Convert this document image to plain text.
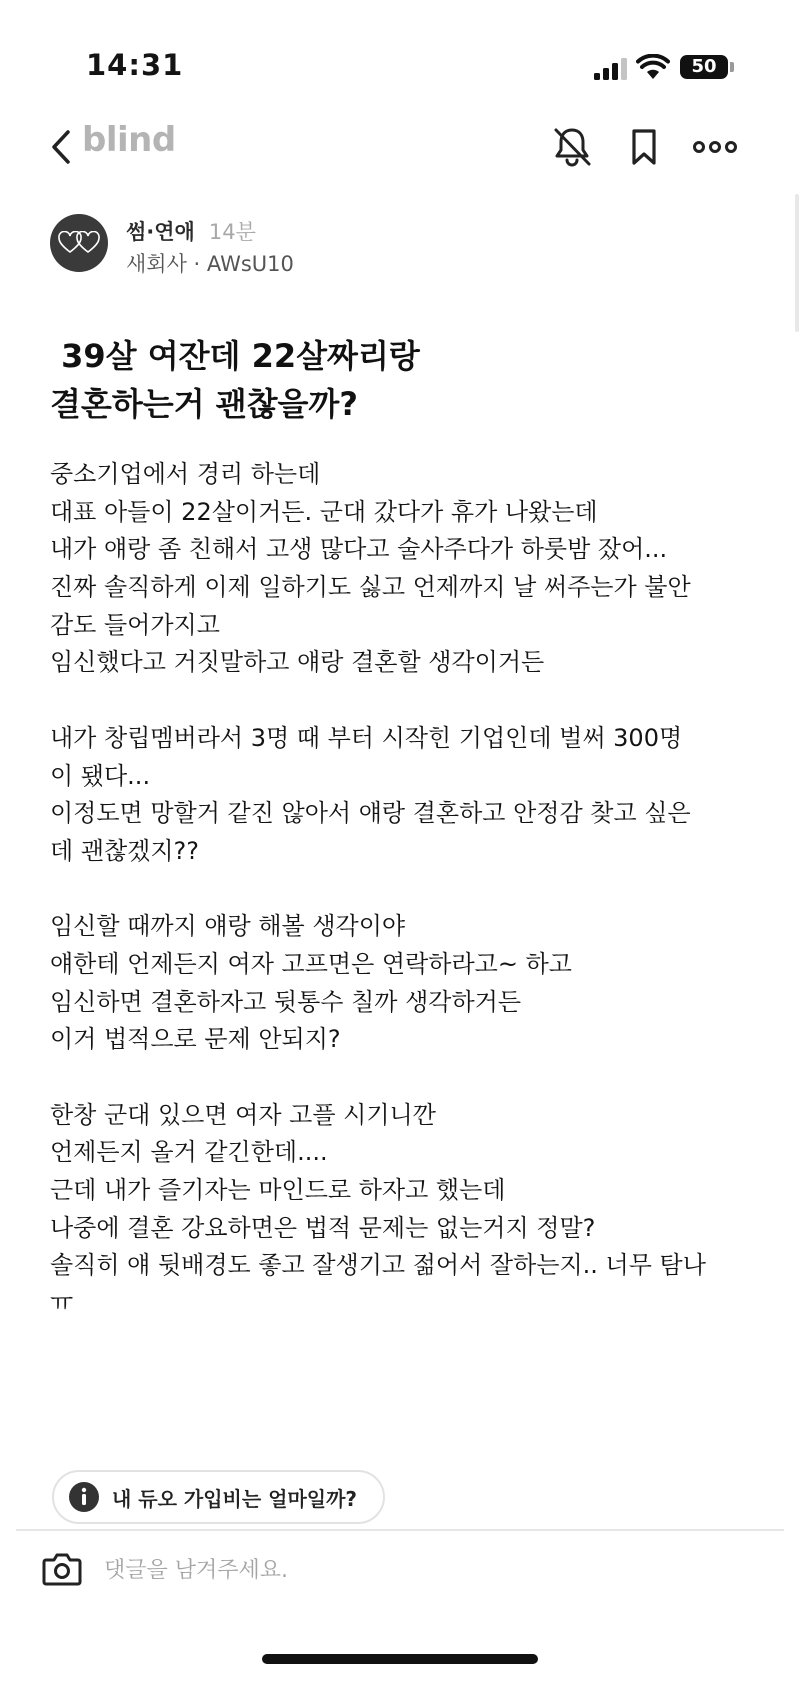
14:31	50
blind
썸·연애 14분
새회사 · AWsU10
39살 여잔데 22살짜리랑
결혼하는거 괜찮을까?
중소기업에서 경리 하는데
대표 아들이 22살이거든. 군대 갔다가 휴가 나왔는데
내가 얘랑 좀 친해서 고생 많다고 술사주다가 하룻밤 잤어...
진짜 솔직하게 이제 일하기도 싫고 언제까지 날 써주는가 불안
감도 들어가지고
임신했다고 거짓말하고 얘랑 결혼할 생각이거든
내가 창립멤버라서 3명 때 부터 시작힌 기업인데 벌써 300명
이 됐다...
이정도면 망할거 같진 않아서 얘랑 결혼하고 안정감 찾고 싶은
데 괜찮겠지??
임신할 때까지 얘랑 해볼 생각이야
얘한테 언제든지 여자 고프면은 연락하라고~ 하고
임신하면 결혼하자고 뒷통수 칠까 생각하거든
이거 법적으로 문제 안되지?
한창 군대 있으면 여자 고플 시기니깐
언제든지 올거 같긴한데....
근데 내가 즐기자는 마인드로 하자고 했는데
나중에 결혼 강요하면은 법적 문제는 없는거지 정말?
솔직히 얘 뒷배경도 좋고 잘생기고 젊어서 잘하는지.. 너무 탐나
ㅠ
내 듀오 가입비는 얼마일까?
댓글을 남겨주세요.
